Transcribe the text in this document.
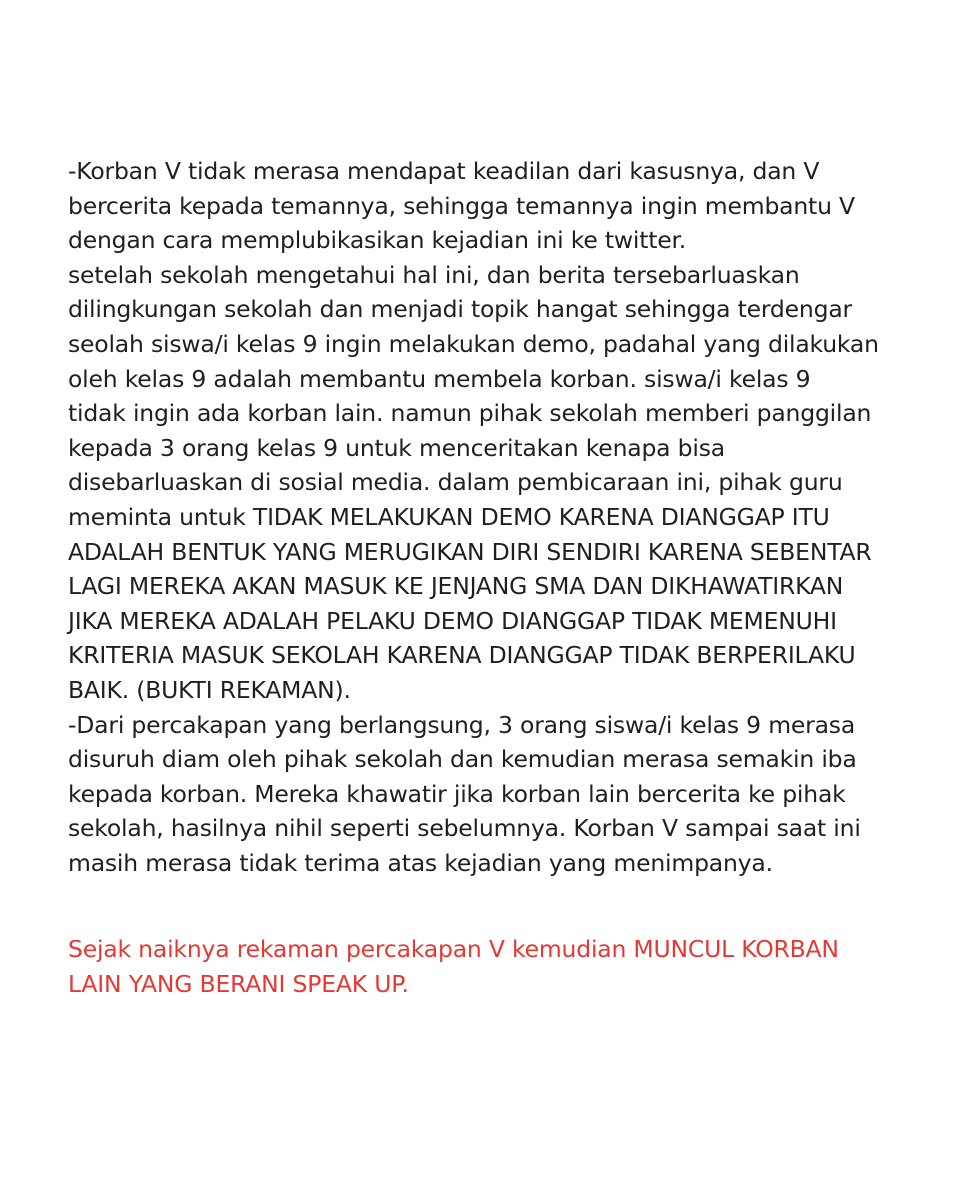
-Korban V tidak merasa mendapat keadilan dari kasusnya, dan V
bercerita kepada temannya, sehingga temannya ingin membantu V
dengan cara memplubikasikan kejadian ini ke twitter.
setelah sekolah mengetahui hal ini, dan berita tersebarluaskan
dilingkungan sekolah dan menjadi topik hangat sehingga terdengar
seolah siswa/i kelas 9 ingin melakukan demo, padahal yang dilakukan
oleh kelas 9 adalah membantu membela korban. siswa/i kelas 9
tidak ingin ada korban lain. namun pihak sekolah memberi panggilan
kepada 3 orang kelas 9 untuk menceritakan kenapa bisa
disebarluaskan di sosial media. dalam pembicaraan ini, pihak guru
meminta untuk TIDAK MELAKUKAN DEMO KARENA DIANGGAP ITU
ADALAH BENTUK YANG MERUGIKAN DIRI SENDIRI KARENA SEBENTAR
LAGI MEREKA AKAN MASUK KE JENJANG SMA DAN DIKHAWATIRKAN
JIKA MEREKA ADALAH PELAKU DEMO DIANGGAP TIDAK MEMENUHI
KRITERIA MASUK SEKOLAH KARENA DIANGGAP TIDAK BERPERILAKU
BAIK. (BUKTI REKAMAN).
-Dari percakapan yang berlangsung, 3 orang siswa/i kelas 9 merasa
disuruh diam oleh pihak sekolah dan kemudian merasa semakin iba
kepada korban. Mereka khawatir jika korban lain bercerita ke pihak
sekolah, hasilnya nihil seperti sebelumnya. Korban V sampai saat ini
masih merasa tidak terima atas kejadian yang menimpanya.

Sejak naiknya rekaman percakapan V kemudian MUNCUL KORBAN
LAIN YANG BERANI SPEAK UP.
